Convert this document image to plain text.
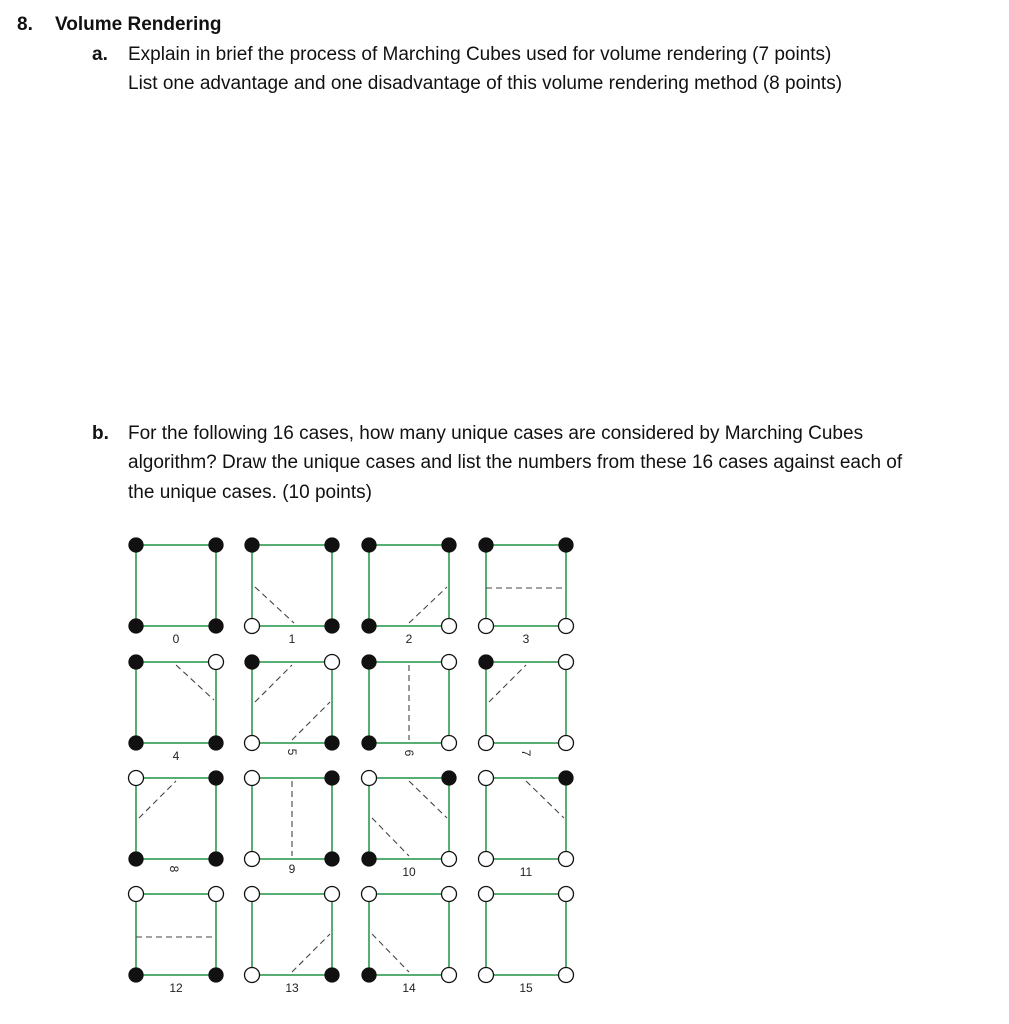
8. Volume Rendering
a. Explain in brief the process of Marching Cubes used for volume rendering (7 points)
List one advantage and one disadvantage of this volume rendering method (8 points)
b. For the following 16 cases, how many unique cases are considered by Marching Cubes
algorithm? Draw the unique cases and list the numbers from these 16 cases against each of
the unique cases. (10 points)
0	1	2	3
4	5	6	7
8	9	10	11
12	13	14	15
